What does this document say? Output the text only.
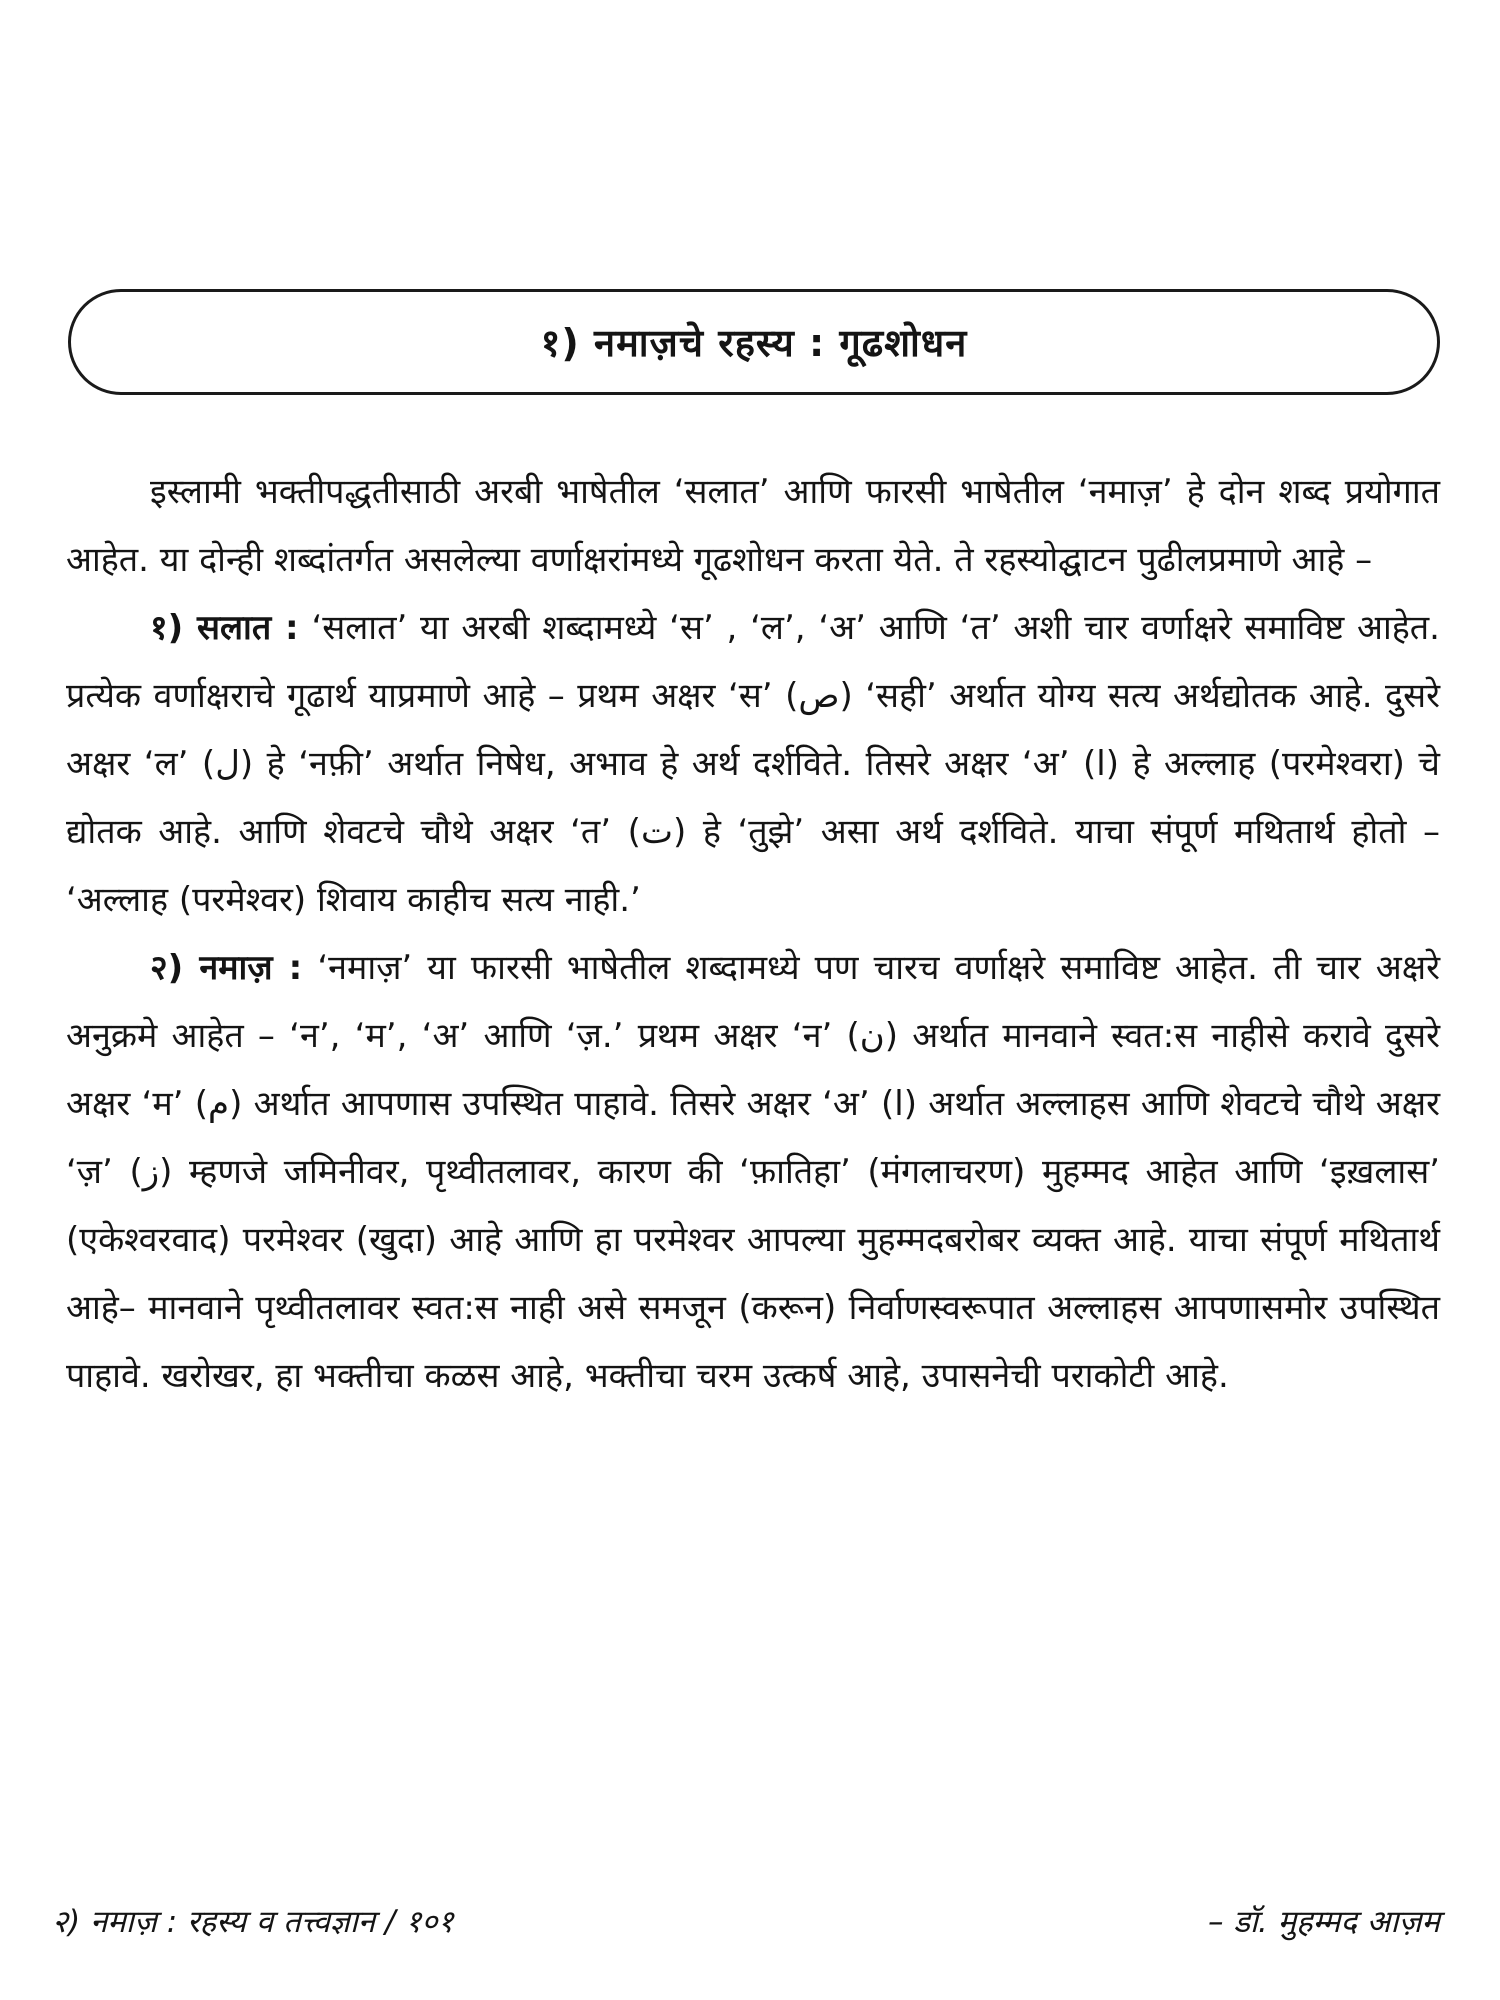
१) नमाज़चे रहस्य : गूढशोधन

इस्लामी भक्तीपद्धतीसाठी अरबी भाषेतील ‘सलात’ आणि फारसी भाषेतील ‘नमाज़’ हे दोन शब्द प्रयोगात आहेत. या दोन्ही शब्दांतर्गत असलेल्या वर्णाक्षरांमध्ये गूढशोधन करता येते. ते रहस्योद्घाटन पुढीलप्रमाणे आहे –

१) सलात : ‘सलात’ या अरबी शब्दामध्ये ‘स’ , ‘ल’, ‘अ’ आणि ‘त’ अशी चार वर्णाक्षरे समाविष्ट आहेत. प्रत्येक वर्णाक्षराचे गूढार्थ याप्रमाणे आहे – प्रथम अक्षर ‘स’ (ص) ‘सही’ अर्थात योग्य सत्य अर्थद्योतक आहे. दुसरे अक्षर ‘ल’ (ل) हे ‘नफ़ी’ अर्थात निषेध, अभाव हे अर्थ दर्शविते. तिसरे अक्षर ‘अ’ (ا) हे अल्लाह (परमेश्वरा) चे द्योतक आहे. आणि शेवटचे चौथे अक्षर ‘त’ (ت) हे ‘तुझे’ असा अर्थ दर्शविते. याचा संपूर्ण मथितार्थ होतो – ‘अल्लाह (परमेश्वर) शिवाय काहीच सत्य नाही.’

२) नमाज़ : ‘नमाज़’ या फारसी भाषेतील शब्दामध्ये पण चारच वर्णाक्षरे समाविष्ट आहेत. ती चार अक्षरे अनुक्रमे आहेत – ‘न’, ‘म’, ‘अ’ आणि ‘ज़.’ प्रथम अक्षर ‘न’ (ن) अर्थात मानवाने स्वत:स नाहीसे करावे दुसरे अक्षर ‘म’ (م) अर्थात आपणास उपस्थित पाहावे. तिसरे अक्षर ‘अ’ (ا) अर्थात अल्लाहस आणि शेवटचे चौथे अक्षर ‘ज़’ (ز) म्हणजे जमिनीवर, पृथ्वीतलावर, कारण की ‘फ़ातिहा’ (मंगलाचरण) मुहम्मद आहेत आणि ‘इख़लास’ (एकेश्वरवाद) परमेश्वर (खुदा) आहे आणि हा परमेश्वर आपल्या मुहम्मदबरोबर व्यक्त आहे. याचा संपूर्ण मथितार्थ आहे– मानवाने पृथ्वीतलावर स्वत:स नाही असे समजून (करून) निर्वाणस्वरूपात अल्लाहस आपणासमोर उपस्थित पाहावे. खरोखर, हा भक्तीचा कळस आहे, भक्तीचा चरम उत्कर्ष आहे, उपासनेची पराकोटी आहे.

२) नमाज़ : रहस्य व तत्त्वज्ञान / १०१	– डॉ. मुहम्मद आज़म
